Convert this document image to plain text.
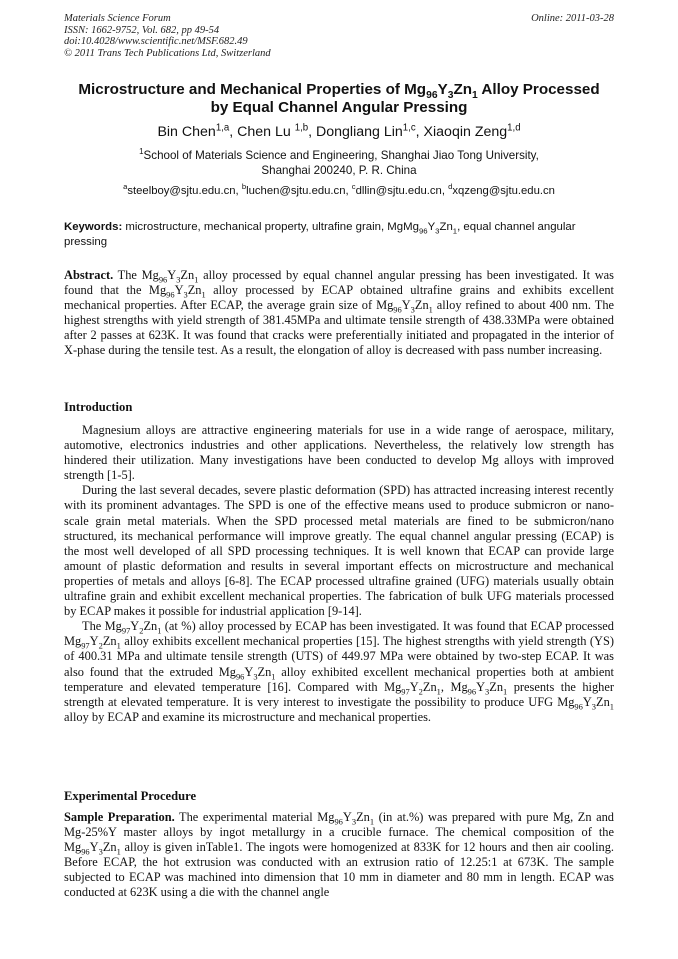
Materials Science Forum
ISSN: 1662-9752, Vol. 682, pp 49-54
doi:10.4028/www.scientific.net/MSF.682.49
© 2011 Trans Tech Publications Ltd, Switzerland
Online: 2011-03-28
Microstructure and Mechanical Properties of $Mg_{96}Y_3Zn_1$ Alloy Processed
by Equal Channel Angular Pressing
Bin Chen$^{1,a}$, Chen Lu $^{1,b}$, Dongliang Lin$^{1,c}$, Xiaoqin Zeng$^{1,d}$
$^1$School of Materials Science and Engineering, Shanghai Jiao Tong University,
Shanghai 200240, P. R. China
$^a$steelboy@sjtu.edu.cn, $^b$luchen@sjtu.edu.cn, $^c$dllin@sjtu.edu.cn, $^d$xqzeng@sjtu.edu.cn
Keywords: microstructure, mechanical property, ultrafine grain, $MgMg_{96}Y_3Zn_1$, equal channel angular pressing

Abstract. The $Mg_{96}Y_3Zn_1$ alloy processed by equal channel angular pressing has been investigated. It was found that the $Mg_{96}Y_3Zn_1$ alloy processed by ECAP obtained ultrafine grains and exhibits excellent mechanical properties. After ECAP, the average grain size of $Mg_{96}Y_3Zn_1$ alloy refined to about 400 nm. The highest strengths with yield strength of 381.45MPa and ultimate tensile strength of 438.33MPa were obtained after 2 passes at 623K. It was found that cracks were preferentially initiated and propagated in the interior of X-phase during the tensile test. As a result, the elongation of alloy is decreased with pass number increasing.

Introduction

Magnesium alloys are attractive engineering materials for use in a wide range of aerospace, military, automotive, electronics industries and other applications. Nevertheless, the relatively low strength has hindered their utilization. Many investigations have been conducted to develop Mg alloys with improved strength [1-5].

During the last several decades, severe plastic deformation (SPD) has attracted increasing interest recently with its prominent advantages. The SPD is one of the effective means used to produce submicron or nano-scale grain metal materials. When the SPD processed metal materials are fined to be submicron/nano structured, its mechanical performance will improve greatly. The equal channel angular pressing (ECAP) is the most well developed of all SPD processing techniques. It is well known that ECAP can provide large amount of plastic deformation and results in several important effects on microstructure and mechanical properties of metals and alloys [6-8]. The ECAP processed ultrafine grained (UFG) materials usually obtain ultrafine grain and exhibit excellent mechanical properties. The fabrication of bulk UFG materials processed by ECAP makes it possible for industrial application [9-14].

The $Mg_{97}Y_2Zn_1$ (at %) alloy processed by ECAP has been investigated. It was found that ECAP processed $Mg_{97}Y_2Zn_1$ alloy exhibits excellent mechanical properties [15]. The highest strengths with yield strength (YS) of 400.31 MPa and ultimate tensile strength (UTS) of 449.97 MPa were obtained by two-step ECAP. It was also found that the extruded $Mg_{96}Y_3Zn_1$ alloy exhibited excellent mechanical properties both at ambient temperature and elevated temperature [16]. Compared with $Mg_{97}Y_2Zn_1$, $Mg_{96}Y_3Zn_1$ presents the higher strength at elevated temperature. It is very interest to investigate the possibility to produce UFG $Mg_{96}Y_3Zn_1$ alloy by ECAP and examine its microstructure and mechanical properties.

Experimental Procedure

Sample Preparation. The experimental material $Mg_{96}Y_3Zn_1$ (in at.%) was prepared with pure Mg, Zn and Mg-25%Y master alloys by ingot metallurgy in a crucible furnace. The chemical composition of the $Mg_{96}Y_3Zn_1$ alloy is given inTable1. The ingots were homogenized at 833K for 12 hours and then air cooling. Before ECAP, the hot extrusion was conducted with an extrusion ratio of 12.25:1 at 673K. The sample subjected to ECAP was machined into dimension that 10 mm in diameter and 80 mm in length. ECAP was conducted at 623K using a die with the channel angle
